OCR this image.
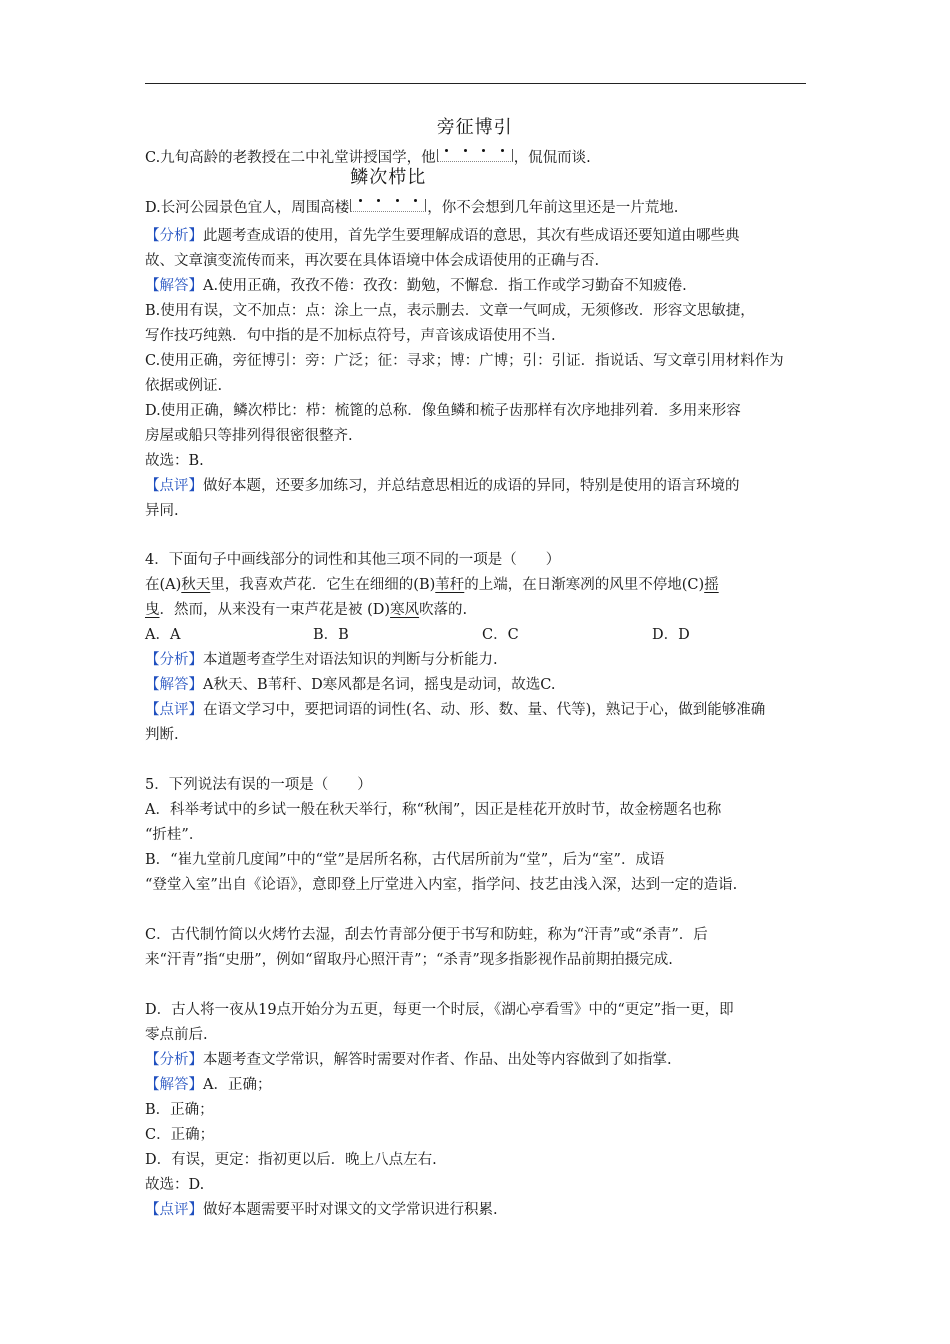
C.九旬高龄的老教授在二中礼堂讲授国学，他
旁征博引
，侃侃而谈.
D.长河公园景色宜人，周围高楼
鳞次栉比
，你不会想到几年前这里还是一片荒地.
【分析】此题考查成语的使用，首先学生要理解成语的意思，其次有些成语还要知道由哪些典
故、文章演变流传而来，再次要在具体语境中体会成语使用的正确与否.
【解答】A.使用正确，孜孜不倦：孜孜：勤勉，不懈怠．指工作或学习勤奋不知疲倦.
B.使用有误，文不加点：点：涂上一点，表示删去．文章一气呵成，无须修改．形容文思敏捷，
写作技巧纯熟．句中指的是不加标点符号，声音该成语使用不当.
C.使用正确，旁征博引：旁：广泛；征：寻求；博：广博；引：引证．指说话、写文章引用材料作为
依据或例证.
D.使用正确，鳞次栉比：栉：梳篦的总称．像鱼鳞和梳子齿那样有次序地排列着．多用来形容
房屋或船只等排列得很密很整齐.
故选：B.
【点评】做好本题，还要多加练习，并总结意思相近的成语的异同，特别是使用的语言环境的
异同.
4．下面句子中画线部分的词性和其他三项不同的一项是（　　）
在(A)秋天里，我喜欢芦花．它生在细细的(B)苇秆的上端，在日渐寒冽的风里不停地(C)摇
曳．然而，从来没有一束芦花是被 (D)寒风吹落的.
A．A	B．B	C．C	D．D
【分析】本道题考查学生对语法知识的判断与分析能力.
【解答】A秋天、B苇秆、D寒风都是名词，摇曳是动词，故选C.
【点评】在语文学习中，要把词语的词性(名、动、形、数、量、代等)，熟记于心，做到能够准确
判断.
5．下列说法有误的一项是（　　）
A．科举考试中的乡试一般在秋天举行，称“秋闱”，因正是桂花开放时节，故金榜题名也称
“折桂”．
B．“崔九堂前几度闻”中的“堂”是居所名称，古代居所前为“堂”，后为“室”．成语
“登堂入室”出自《论语》，意即登上厅堂进入内室，指学问、技艺由浅入深，达到一定的造诣.
C．古代制竹简以火烤竹去湿，刮去竹青部分便于书写和防蛀，称为“汗青”或“杀青”．后
来“汗青”指“史册”，例如“留取丹心照汗青”；“杀青”现多指影视作品前期拍摄完成.
D．古人将一夜从19点开始分为五更，每更一个时辰，《湖心亭看雪》中的“更定”指一更，即
零点前后.
【分析】本题考查文学常识，解答时需要对作者、作品、出处等内容做到了如指掌.
【解答】A．正确；
B．正确；
C．正确；
D．有误，更定：指初更以后．晚上八点左右.
故选：D.
【点评】做好本题需要平时对课文的文学常识进行积累.
